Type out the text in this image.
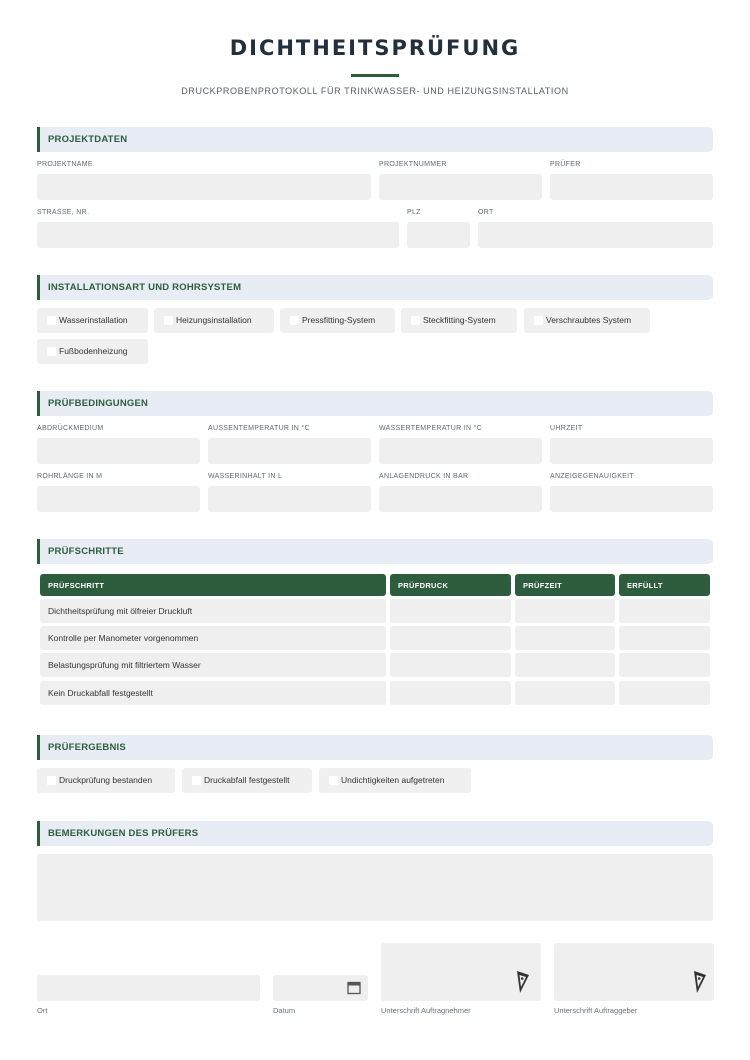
DICHTHEITSPRÜFUNG
DRUCKPROBENPROTOKOLL FÜR TRINKWASSER- UND HEIZUNGSINSTALLATION
PROJEKTDATEN
PROJEKTNAME	PROJEKTNUMMER	PRÜFER
STRASSE, NR.	PLZ	ORT
INSTALLATIONSART UND ROHRSYSTEM
Wasserinstallation	Heizungsinstallation	Pressfitting-System	Steckfitting-System	Verschraubtes System
Fußbodenheizung
PRÜFBEDINGUNGEN
ABDRÜCKMEDIUM	AUSSENTEMPERATUR IN °C	WASSERTEMPERATUR IN °C	UHRZEIT
ROHRLÄNGE IN M	WASSERINHALT IN L	ANLAGENDRUCK IN BAR	ANZEIGEGENAUIGKEIT
PRÜFSCHRITTE
PRÜFSCHRITT	PRÜFDRUCK	PRÜFZEIT	ERFÜLLT
Dichtheitsprüfung mit ölfreier Druckluft
Kontrolle per Manometer vorgenommen
Belastungsprüfung mit filtriertem Wasser
Kein Druckabfall festgestellt
PRÜFERGEBNIS
Druckprüfung bestanden	Druckabfall festgestellt	Undichtigkeiten aufgetreten
BEMERKUNGEN DES PRÜFERS
Ort	Datum	Unterschrift Auftragnehmer	Unterschrift Auftraggeber
